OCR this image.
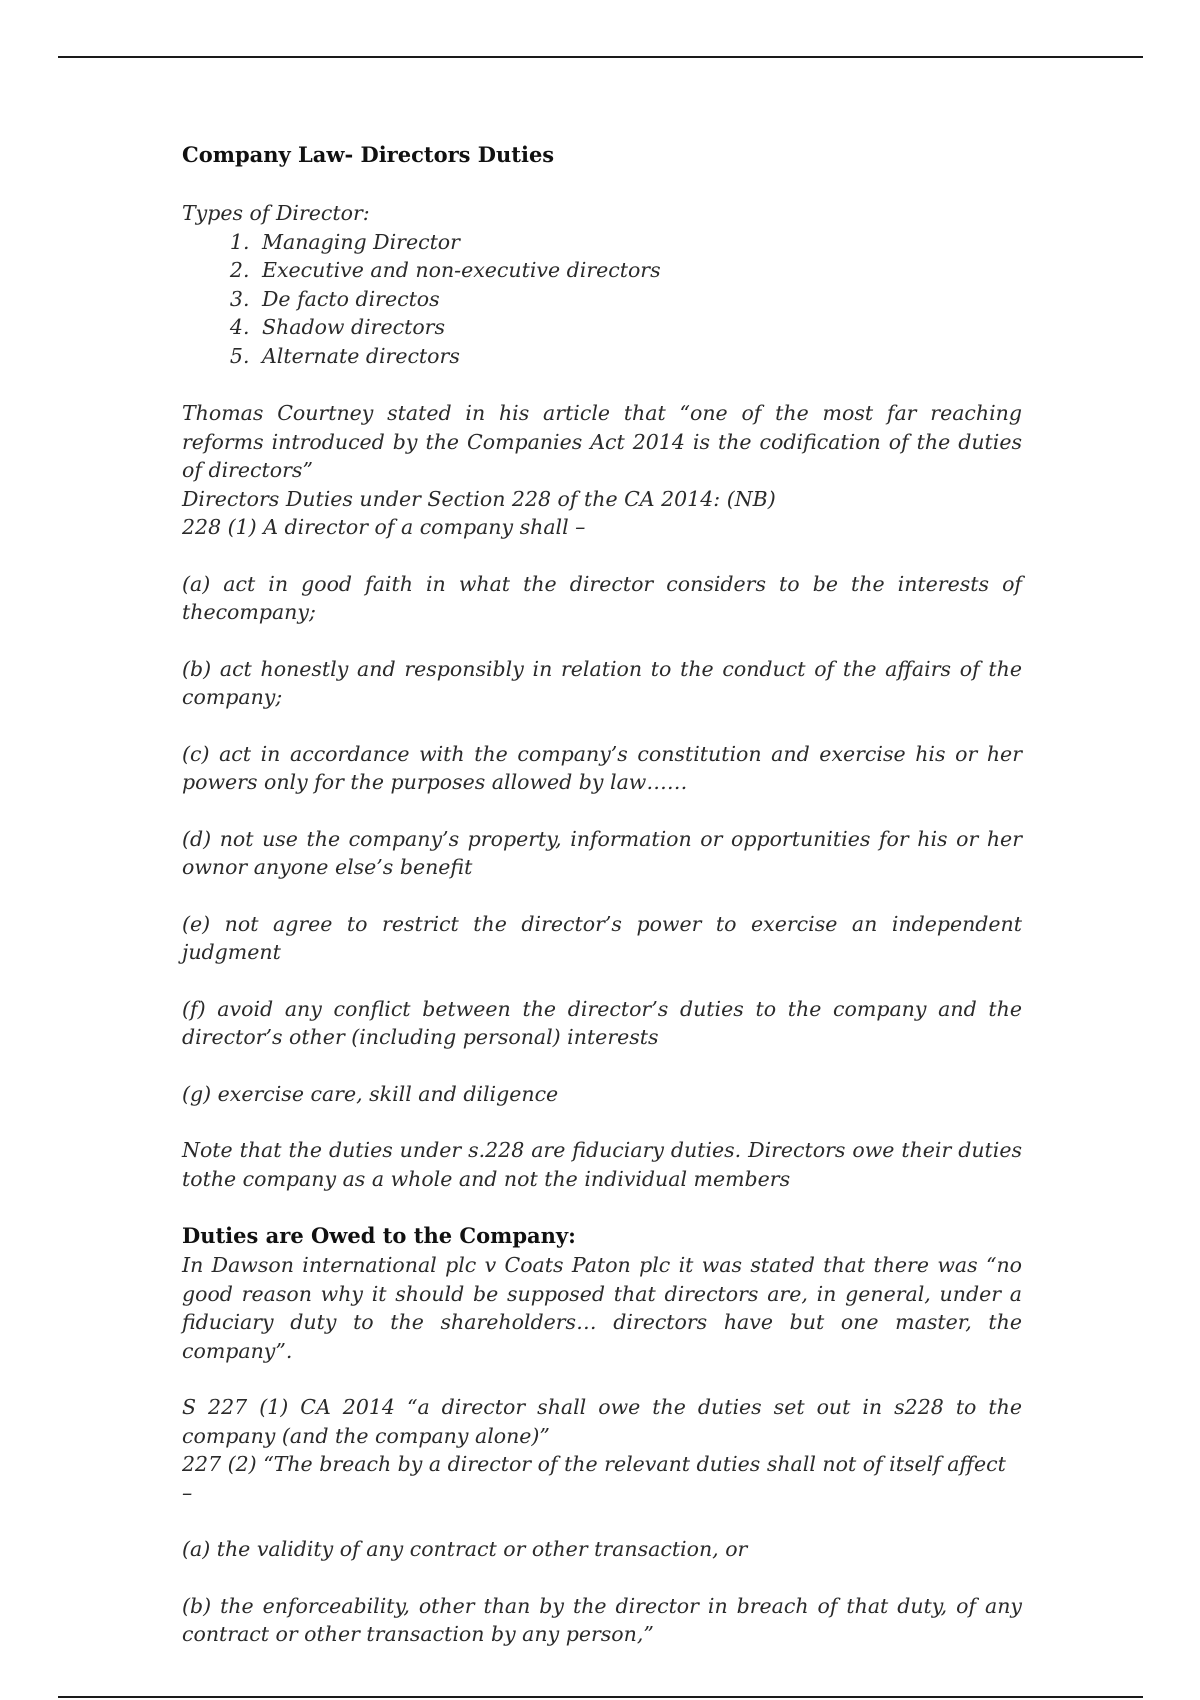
Company Law- Directors Duties

Types of Director:

1. Managing Director
2. Executive and non-executive directors
3. De facto directos
4. Shadow directors
5. Alternate directors

Thomas Courtney stated in his article that “one of the most far reaching reforms introduced by the Companies Act 2014 is the codification of the duties of directors”

Directors Duties under Section 228 of the CA 2014: (NB)

228 (1) A director of a company shall –

(a) act in good faith in what the director considers to be the interests of thecompany;

(b) act honestly and responsibly in relation to the conduct of the affairs of the company;

(c) act in accordance with the company’s constitution and exercise his or her powers only for the purposes allowed by law……

(d) not use the company’s property, information or opportunities for his or her ownor anyone else’s benefit

(e) not agree to restrict the director’s power to exercise an independent judgment

(f) avoid any conflict between the director’s duties to the company and the director’s other (including personal) interests

(g) exercise care, skill and diligence

Note that the duties under s.228 are fiduciary duties. Directors owe their duties tothe company as a whole and not the individual members

Duties are Owed to the Company:

In Dawson international plc v Coats Paton plc it was stated that there was “no good reason why it should be supposed that directors are, in general, under a fiduciary duty to the shareholders… directors have but one master, the company”.

S 227 (1) CA 2014 “a director shall owe the duties set out in s228 to the company (and the company alone)”

227 (2) “The breach by a director of the relevant duties shall not of itself affect –

(a) the validity of any contract or other transaction, or

(b) the enforceability, other than by the director in breach of that duty, of any contract or other transaction by any person,”
